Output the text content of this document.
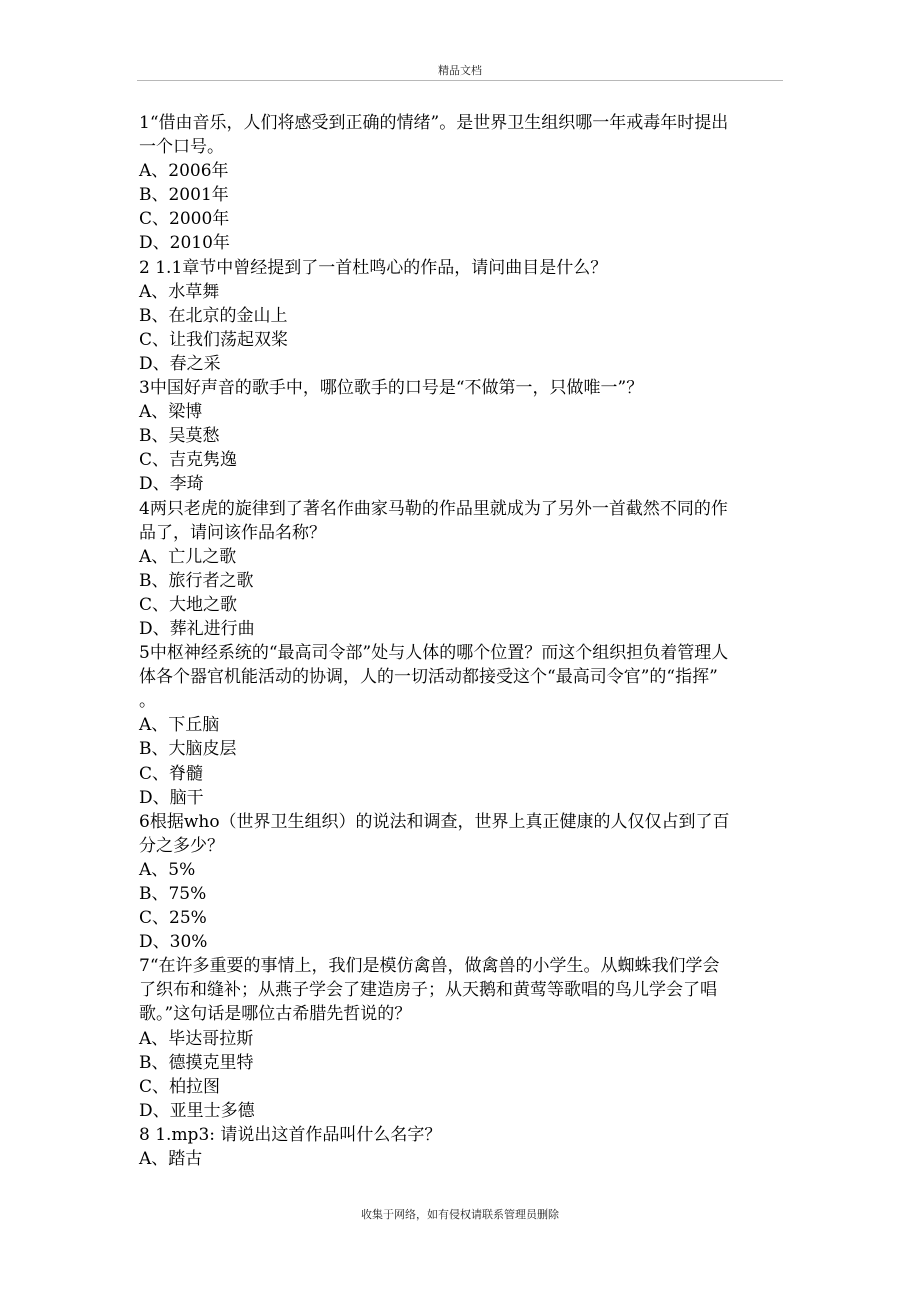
精品文档
1“借由音乐，人们将感受到正确的情绪”。是世界卫生组织哪一年戒毒年时提出
一个口号。
A、2006年
B、2001年
C、2000年
D、2010年
2 1.1章节中曾经提到了一首杜鸣心的作品，请问曲目是什么？
A、水草舞
B、在北京的金山上
C、让我们荡起双桨
D、春之采
3中国好声音的歌手中，哪位歌手的口号是“不做第一，只做唯一”？
A、梁博
B、吴莫愁
C、吉克隽逸
D、李琦
4两只老虎的旋律到了著名作曲家马勒的作品里就成为了另外一首截然不同的作
品了，请问该作品名称？
A、亡儿之歌
B、旅行者之歌
C、大地之歌
D、葬礼进行曲
5中枢神经系统的“最高司令部”处与人体的哪个位置？而这个组织担负着管理人
体各个器官机能活动的协调，人的一切活动都接受这个“最高司令官”的“指挥”
。
A、下丘脑
B、大脑皮层
C、脊髓
D、脑干
6根据who（世界卫生组织）的说法和调查，世界上真正健康的人仅仅占到了百
分之多少？
A、5%
B、75%
C、25%
D、30%
7“在许多重要的事情上，我们是模仿禽兽，做禽兽的小学生。从蜘蛛我们学会
了织布和缝补；从燕子学会了建造房子；从天鹅和黄莺等歌唱的鸟儿学会了唱
歌。”这句话是哪位古希腊先哲说的？
A、毕达哥拉斯
B、德摸克里特
C、柏拉图
D、亚里士多德
8 1.mp3: 请说出这首作品叫什么名字？
A、踏古
收集于网络，如有侵权请联系管理员删除
